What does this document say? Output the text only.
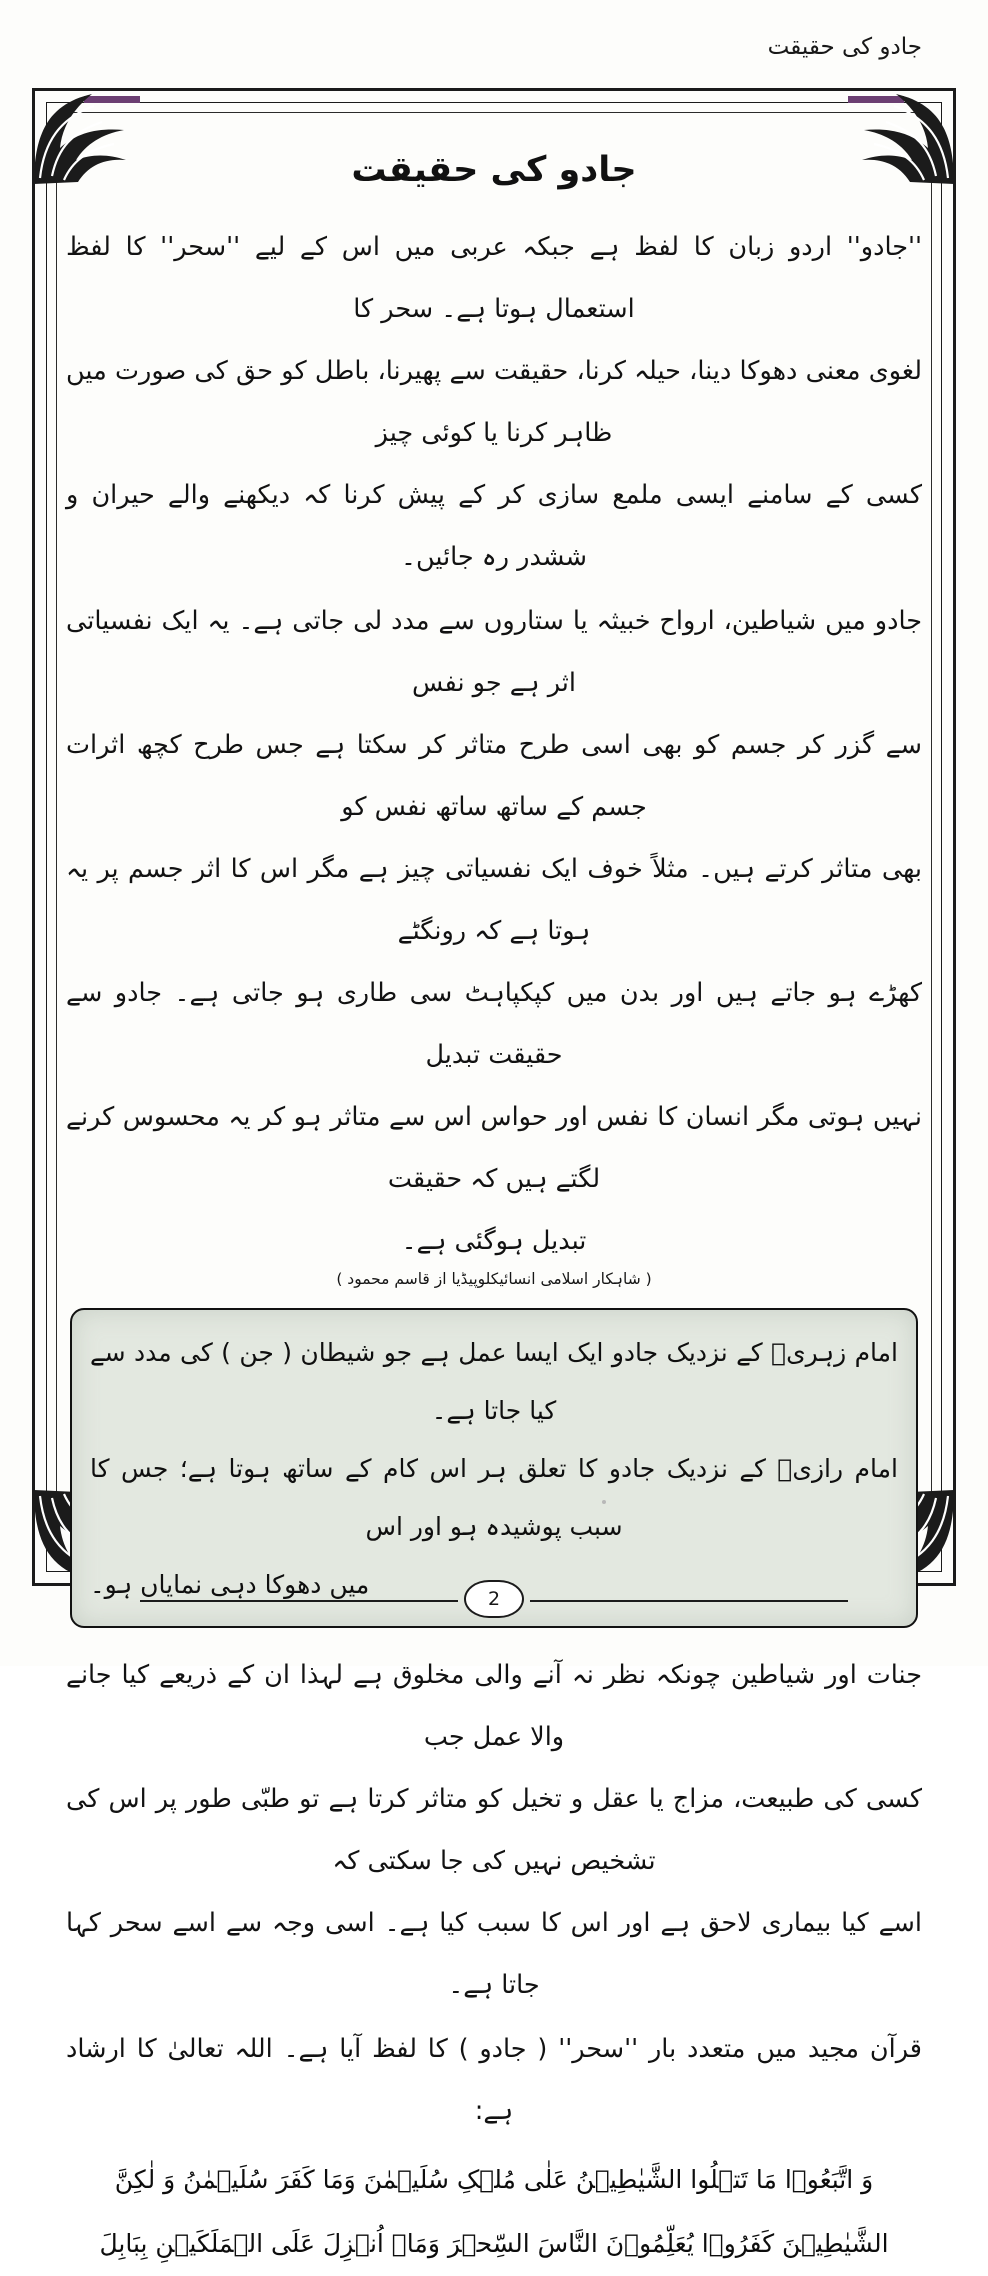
جادو کی حقیقت
جادو کی حقیقت

''جادو'' اردو زبان کا لفظ ہے جبکہ عربی میں اس کے لیے ''سحر'' کا لفظ استعمال ہوتا ہے۔ سحر کا
لغوی معنی دھوکا دینا، حیلہ کرنا، حقیقت سے پھیرنا، باطل کو حق کی صورت میں ظاہر کرنا یا کوئی چیز
کسی کے سامنے ایسی ملمع سازی کر کے پیش کرنا کہ دیکھنے والے حیران و ششدر رہ جائیں۔

جادو میں شیاطین، ارواح خبیثہ یا ستاروں سے مدد لی جاتی ہے۔ یہ ایک نفسیاتی اثر ہے جو نفس
سے گزر کر جسم کو بھی اسی طرح متاثر کر سکتا ہے جس طرح کچھ اثرات جسم کے ساتھ ساتھ نفس کو
بھی متاثر کرتے ہیں۔ مثلاً خوف ایک نفسیاتی چیز ہے مگر اس کا اثر جسم پر یہ ہوتا ہے کہ رونگٹے
کھڑے ہو جاتے ہیں اور بدن میں کپکپاہٹ سی طاری ہو جاتی ہے۔ جادو سے حقیقت تبدیل
نہیں ہوتی مگر انسان کا نفس اور حواس اس سے متاثر ہو کر یہ محسوس کرنے لگتے ہیں کہ حقیقت
تبدیل ہوگئی ہے۔

( شاہکار اسلامی انسائیکلوپیڈیا از قاسم محمود )

امام زہریؒ کے نزدیک جادو ایک ایسا عمل ہے جو شیطان ( جن ) کی مدد سے کیا جاتا ہے۔

امام رازیؒ کے نزدیک جادو کا تعلق ہر اس کام کے ساتھ ہوتا ہے؛ جس کا سبب پوشیدہ ہو اور اس

میں دھوکا دہی نمایاں ہو۔

جنات اور شیاطین چونکہ نظر نہ آنے والی مخلوق ہے لہذا ان کے ذریعے کیا جانے والا عمل جب
کسی کی طبیعت، مزاج یا عقل و تخیل کو متاثر کرتا ہے تو طبّی طور پر اس کی تشخیص نہیں کی جا سکتی کہ
اسے کیا بیماری لاحق ہے اور اس کا سبب کیا ہے۔ اسی وجہ سے اسے سحر کہا جاتا ہے۔

قرآن مجید میں متعدد بار ''سحر'' ( جادو ) کا لفظ آیا ہے۔ اللہ تعالیٰ کا ارشاد ہے:

وَ اتَّبَعُوۡا مَا تَتۡلُوا الشَّیٰطِیۡنُ عَلٰی مُلۡکِ سُلَیۡمٰنَ وَمَا کَفَرَ سُلَیۡمٰنُ وَ لٰکِنَّ
الشَّیٰطِیۡنَ کَفَرُوۡا یُعَلِّمُوۡنَ النَّاسَ السِّحۡرَ وَمَاۤ اُنۡزِلَ عَلَی الۡمَلَکَیۡنِ بِبَابِلَ
2
